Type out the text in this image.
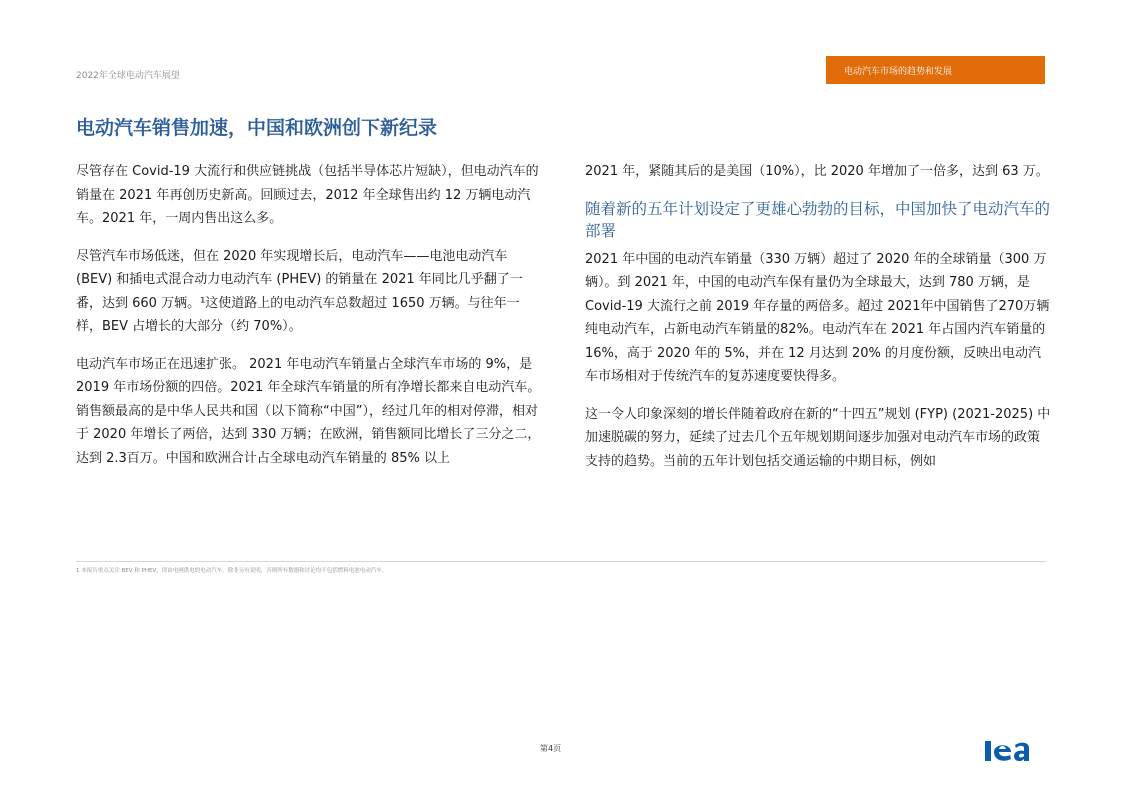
2022年全球电动汽车展望	电动汽车市场的趋势和发展
电动汽车销售加速，中国和欧洲创下新纪录

尽管存在 Covid-19 大流行和供应链挑战（包括半导体芯片短缺），但电动汽车的销量在 2021 年再创历史新高。回顾过去，2012 年全球售出约 12 万辆电动汽车。2021 年，一周内售出这么多。

尽管汽车市场低迷，但在 2020 年实现增长后，电动汽车——电池电动汽车 (BEV) 和插电式混合动力电动汽车 (PHEV) 的销量在 2021 年同比几乎翻了一番，达到 660 万辆。¹这使道路上的电动汽车总数超过 1650 万辆。与往年一样，BEV 占增长的大部分（约 70%）。

电动汽车市场正在迅速扩张。 2021 年电动汽车销量占全球汽车市场的 9%，是 2019 年市场份额的四倍。2021 年全球汽车销量的所有净增长都来自电动汽车。销售额最高的是中华人民共和国（以下简称“中国”），经过几年的相对停滞，相对于 2020 年增长了两倍，达到 330 万辆；在欧洲，销售额同比增长了三分之二，达到 2.3百万。中国和欧洲合计占全球电动汽车销量的 85% 以上

2021 年，紧随其后的是美国（10%），比 2020 年增加了一倍多，达到 63 万。

随着新的五年计划设定了更雄心勃勃的目标，中国加快了电动汽车的部署

2021 年中国的电动汽车销量（330 万辆）超过了 2020 年的全球销量（300 万辆）。到 2021 年，中国的电动汽车保有量仍为全球最大，达到 780 万辆，是 Covid-19 大流行之前 2019 年存量的两倍多。超过 2021年中国销售了270万辆纯电动汽车，占新电动汽车销量的82%。电动汽车在 2021 年占国内汽车销量的 16%，高于 2020 年的 5%，并在 12 月达到 20% 的月度份额，反映出电动汽车市场相对于传统汽车的复苏速度要快得多。

这一令人印象深刻的增长伴随着政府在新的“十四五”规划 (FYP) (2021-2025) 中加速脱碳的努力，延续了过去几个五年规划期间逐步加强对电动汽车市场的政策支持的趋势。当前的五年计划包括交通运输的中期目标，例如

1 本报告重点关注 BEV 和 PHEV，即由电网供电的电动汽车。除非另有说明，否则所有数据和讨论均不包括燃料电池电动汽车。
第4页
